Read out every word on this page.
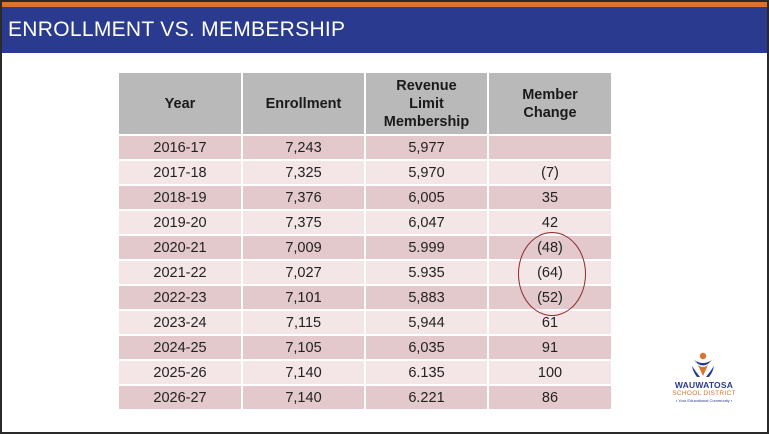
ENROLLMENT VS. MEMBERSHIP
Year	Enrollment	Revenue Limit Membership	Member Change
2016-17	7,243	5,977	
2017-18	7,325	5,970	(7)
2018-19	7,376	6,005	35
2019-20	7,375	6,047	42
2020-21	7,009	5.999	(48)
2021-22	7,027	5.935	(64)
2022-23	7,101	5,883	(52)
2023-24	7,115	5,944	61
2024-25	7,105	6,035	91
2025-26	7,140	6.135	100
2026-27	7,140	6.221	86
WAUWATOSA
SCHOOL DISTRICT
• Your Educational Community •
